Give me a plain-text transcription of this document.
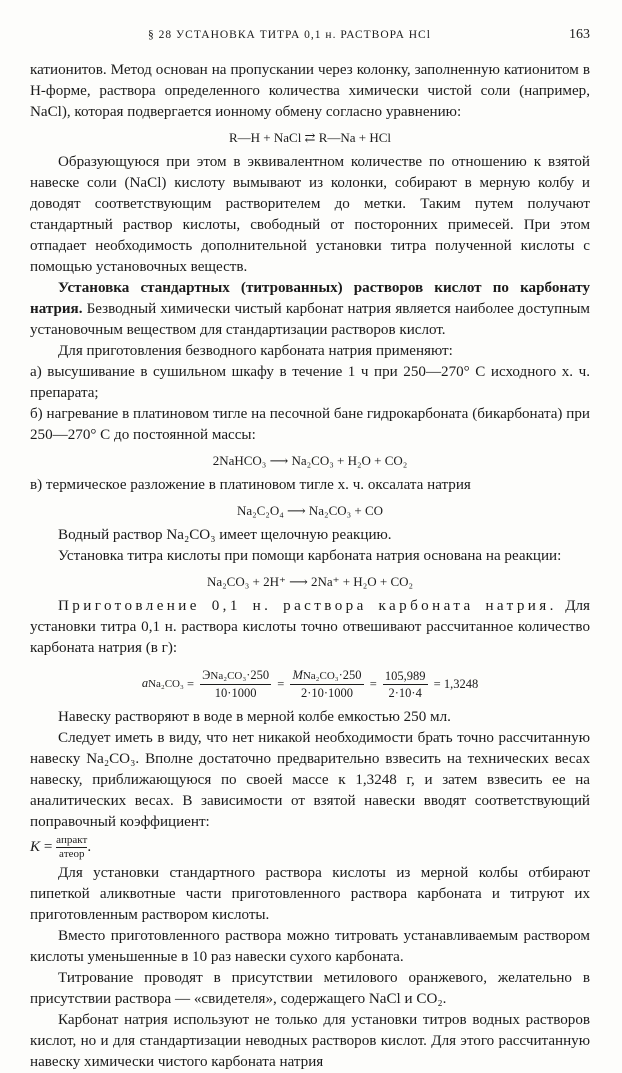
§ 28 УСТАНОВКА ТИТРА 0,1 н. РАСТВОРА HCl	163

катионитов. Метод основан на пропускании через колонку, заполненную катионитом в H-форме, раствора определенного количества химически чистой соли (например, NaCl), которая подвергается ионному обмену согласно уравнению:

R—H + NaCl ⇄ R—Na + HCl

Образующуюся при этом в эквивалентном количестве по отношению к взятой навеске соли (NaCl) кислоту вымывают из колонки, собирают в мерную колбу и доводят соответствующим растворителем до метки. Таким путем получают стандартный раствор кислоты, свободный от посторонних примесей. При этом отпадает необходимость дополнительной установки титра полученной кислоты с помощью установочных веществ.

Установка стандартных (титрованных) растворов кислот по карбонату натрия. Безводный химически чистый карбонат натрия является наиболее доступным установочным веществом для стандартизации растворов кислот.

Для приготовления безводного карбоната натрия применяют:

а) высушивание в сушильном шкафу в течение 1 ч при 250—270° С исходного х. ч. препарата;

б) нагревание в платиновом тигле на песочной бане гидрокарбоната (бикарбоната) при 250—270° С до постоянной массы:

2NaHCO₃ ⟶ Na₂CO₃ + H₂O + CO₂

в) термическое разложение в платиновом тигле х. ч. оксалата натрия

Na₂C₂O₄ ⟶ Na₂CO₃ + CO

Водный раствор Na₂CO₃ имеет щелочную реакцию.

Установка титра кислоты при помощи карбоната натрия основана на реакции:

Na₂CO₃ + 2H⁺ ⟶ 2Na⁺ + H₂O + CO₂

Приготовление 0,1 н. раствора карбоната натрия. Для установки титра 0,1 н. раствора кислоты точно отвешивают рассчитанное количество карбоната натрия (в г):

$aNa_2CO_3 = \frac{\text{ЭNa₂CO₃·250}}{10\cdot 1000} = \frac{\text{MNa₂CO₃·250}}{2\cdot 10\cdot 1000} = \frac{105,989}{2\cdot 10\cdot 4} = 1,3248$

Навеску растворяют в воде в мерной колбе емкостью 250 мл.

Следует иметь в виду, что нет никакой необходимости брать точно рассчитанную навеску Na₂CO₃. Вполне достаточно предварительно взвесить на технических весах навеску, приближающуюся по своей массе к 1,3248 г, и затем взвесить ее на аналитических весах. В зависимости от взятой навески вводят соответствующий поправочный коэффициент:

$K = \frac{\text{aпракт}}{\text{aтеор}}$ .

Для установки стандартного раствора кислоты из мерной колбы отбирают пипеткой аликвотные части приготовленного раствора карбоната и титруют их приготовленным раствором кислоты.

Вместо приготовленного раствора можно титровать устанавливаемым раствором кислоты уменьшенные в 10 раз навески сухого карбоната.

Титрование проводят в присутствии метилового оранжевого, желательно в присутствии раствора — «свидетеля», содержащего NaCl и CO₂.

Карбонат натрия используют не только для установки титров водных растворов кислот, но и для стандартизации неводных растворов кислот. Для этого рассчитанную навеску химически чистого карбоната натрия
